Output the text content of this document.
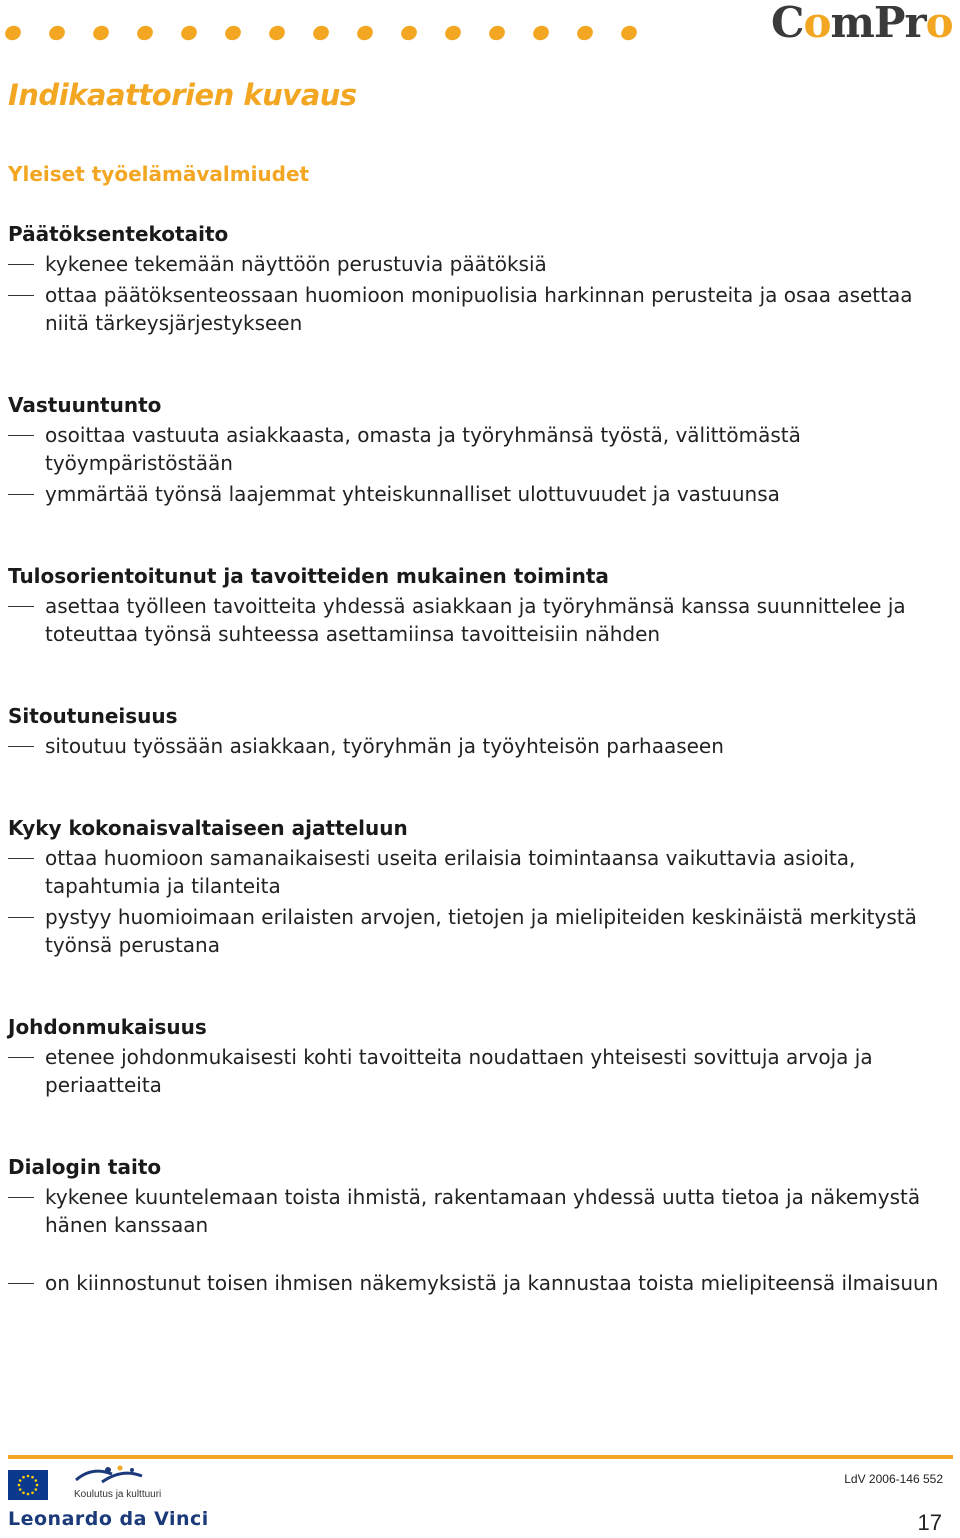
ComPro
Indikaattorien kuvaus
Yleiset työelämävalmiudet
Päätöksentekotaito
kykenee tekemään näyttöön perustuvia päätöksiä
ottaa päätöksenteossaan huomioon monipuolisia harkinnan perusteita ja osaa asettaa niitä tärkeysjärjestykseen
Vastuuntunto
osoittaa vastuuta asiakkaasta, omasta ja työryhmänsä työstä, välittömästä työympäristöstään
ymmärtää työnsä laajemmat yhteiskunnalliset ulottuvuudet ja vastuunsa
Tulosorientoitunut ja tavoitteiden mukainen toiminta
asettaa työlleen tavoitteita yhdessä asiakkaan ja työryhmänsä kanssa suunnittelee ja toteuttaa työnsä suhteessa asettamiinsa tavoitteisiin nähden
Sitoutuneisuus
sitoutuu työssään asiakkaan, työryhmän ja työyhteisön parhaaseen
Kyky kokonaisvaltaiseen ajatteluun
ottaa huomioon samanaikaisesti useita erilaisia toimintaansa vaikuttavia asioita, tapahtumia ja tilanteita
pystyy huomioimaan erilaisten arvojen, tietojen ja mielipiteiden keskinäistä merkitystä työnsä perustana
Johdonmukaisuus
etenee johdonmukaisesti kohti tavoitteita noudattaen yhteisesti sovittuja arvoja ja periaatteita
Dialogin taito
kykenee kuuntelemaan toista ihmistä, rakentamaan yhdessä uutta tietoa ja näkemystä hänen kanssaan
on kiinnostunut toisen ihmisen näkemyksistä ja kannustaa toista mielipiteensä ilmaisuun
Koulutus ja kulttuuri
Leonardo da Vinci
LdV 2006-146 552
17
